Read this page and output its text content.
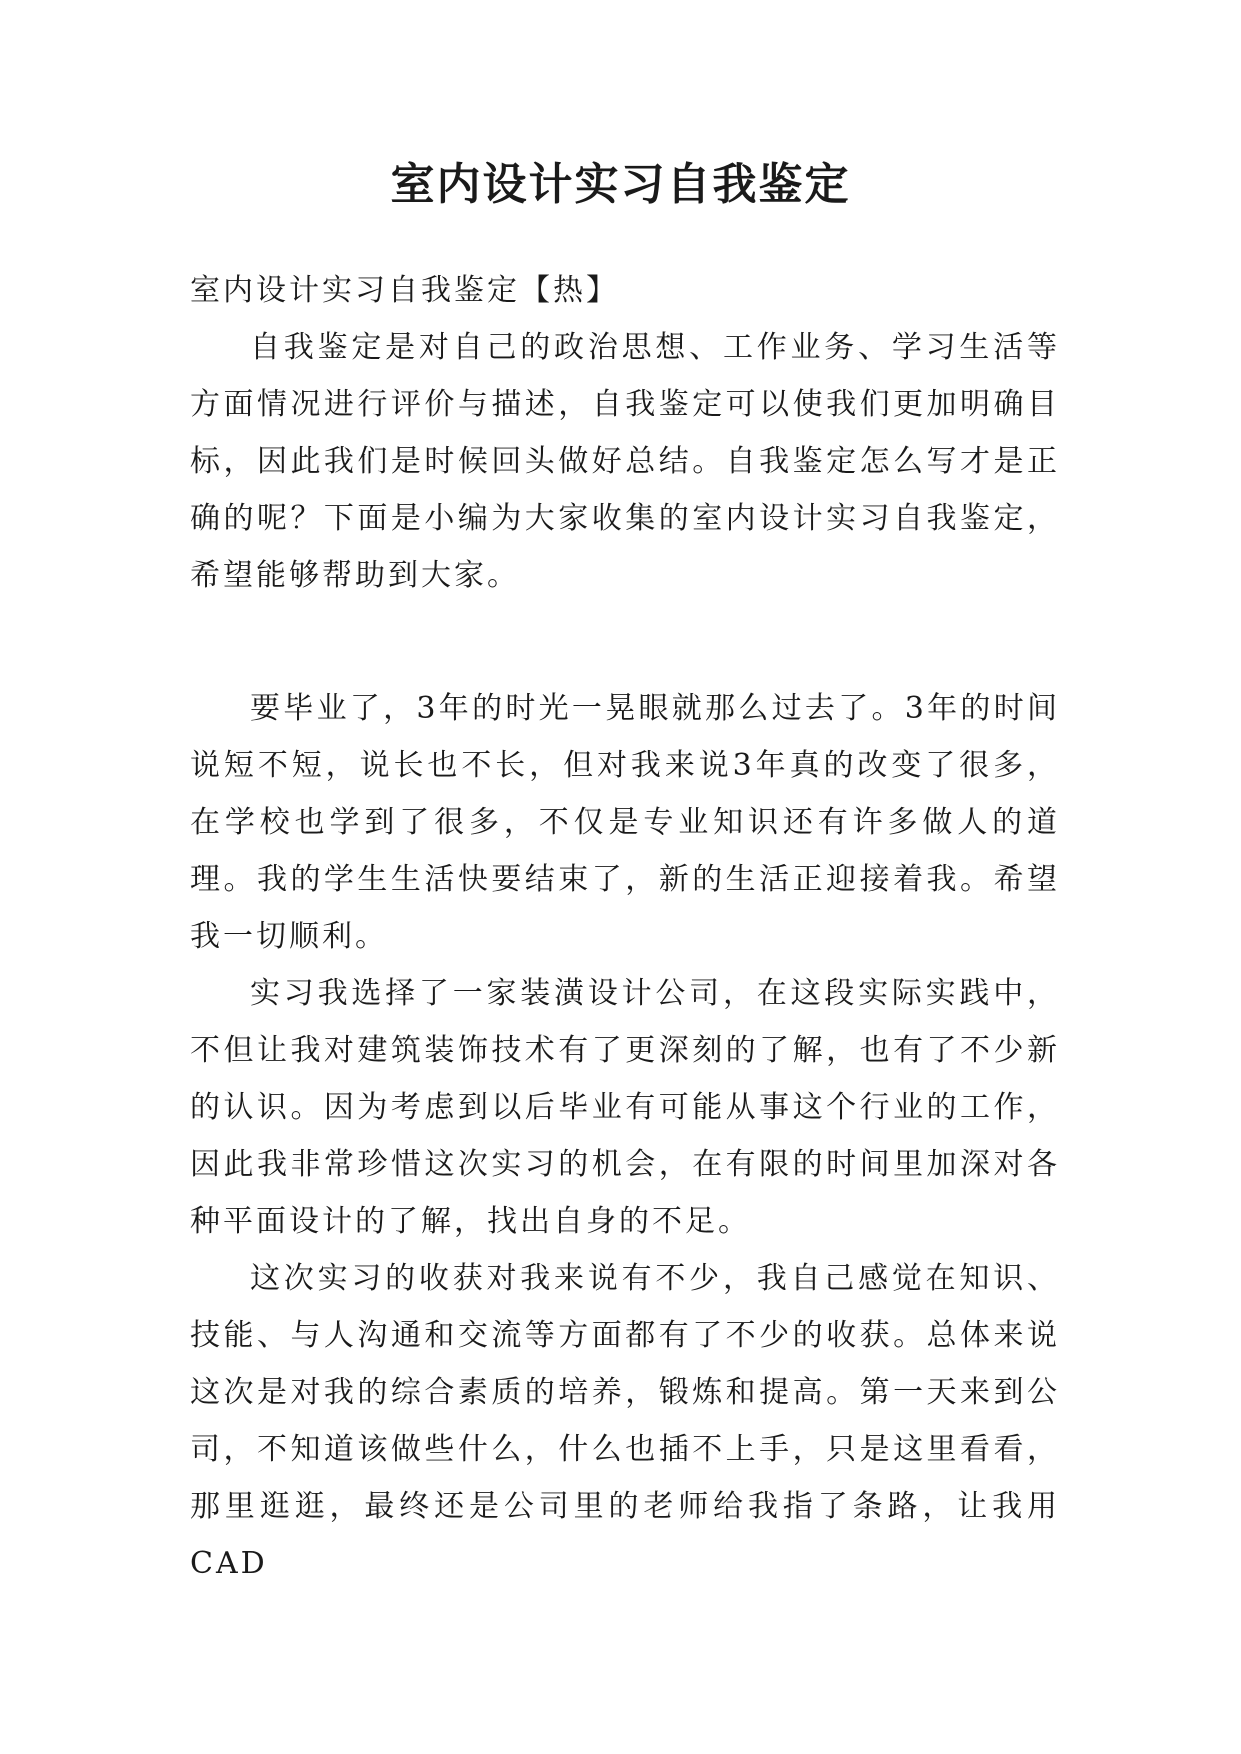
室内设计实习自我鉴定

室内设计实习自我鉴定【热】

自我鉴定是对自己的政治思想、工作业务、学习生活等方面情况进行评价与描述，自我鉴定可以使我们更加明确目标，因此我们是时候回头做好总结。自我鉴定怎么写才是正确的呢？下面是小编为大家收集的室内设计实习自我鉴定，希望能够帮助到大家。

要毕业了，3年的时光一晃眼就那么过去了。3年的时间说短不短，说长也不长，但对我来说3年真的改变了很多，在学校也学到了很多，不仅是专业知识还有许多做人的道理。我的学生生活快要结束了，新的生活正迎接着我。希望我一切顺利。

实习我选择了一家装潢设计公司，在这段实际实践中，不但让我对建筑装饰技术有了更深刻的了解，也有了不少新的认识。因为考虑到以后毕业有可能从事这个行业的工作，因此我非常珍惜这次实习的机会，在有限的时间里加深对各种平面设计的了解，找出自身的不足。

这次实习的收获对我来说有不少，我自己感觉在知识、技能、与人沟通和交流等方面都有了不少的收获。总体来说这次是对我的综合素质的培养，锻炼和提高。第一天来到公司，不知道该做些什么，什么也插不上手，只是这里看看，那里逛逛，最终还是公司里的老师给我指了条路，让我用CAD
